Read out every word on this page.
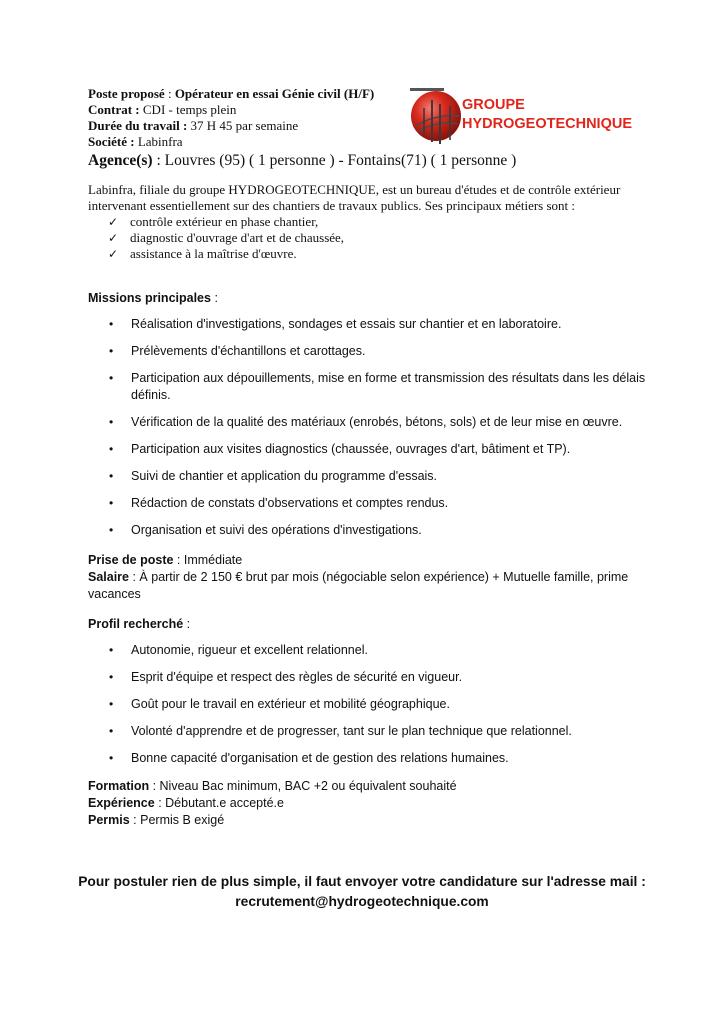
Poste proposé : Opérateur en essai Génie civil (H/F)
Contrat : CDI - temps plein
Durée du travail : 37 H 45 par semaine
Société : Labinfra
Agence(s) : Louvres (95) ( 1 personne ) - Fontains(71) ( 1 personne )
GROUPE
HYDROGEOTECHNIQUE
Labinfra, filiale du groupe HYDROGEOTECHNIQUE, est un bureau d'études et de contrôle extérieur intervenant essentiellement sur des chantiers de travaux publics. Ses principaux métiers sont :
✓ contrôle extérieur en phase chantier,
✓ diagnostic d'ouvrage d'art et de chaussée,
✓ assistance à la maîtrise d'œuvre.
Missions principales :
• Réalisation d'investigations, sondages et essais sur chantier et en laboratoire.
• Prélèvements d'échantillons et carottages.
• Participation aux dépouillements, mise en forme et transmission des résultats dans les délais définis.
• Vérification de la qualité des matériaux (enrobés, bétons, sols) et de leur mise en œuvre.
• Participation aux visites diagnostics (chaussée, ouvrages d'art, bâtiment et TP).
• Suivi de chantier et application du programme d'essais.
• Rédaction de constats d'observations et comptes rendus.
• Organisation et suivi des opérations d'investigations.
Prise de poste : Immédiate
Salaire : À partir de 2 150 € brut par mois (négociable selon expérience) + Mutuelle famille, prime vacances
Profil recherché :
• Autonomie, rigueur et excellent relationnel.
• Esprit d'équipe et respect des règles de sécurité en vigueur.
• Goût pour le travail en extérieur et mobilité géographique.
• Volonté d'apprendre et de progresser, tant sur le plan technique que relationnel.
• Bonne capacité d'organisation et de gestion des relations humaines.
Formation : Niveau Bac minimum, BAC +2 ou équivalent souhaité
Expérience : Débutant.e accepté.e
Permis : Permis B exigé
Pour postuler rien de plus simple, il faut envoyer votre candidature sur l'adresse mail :
recrutement@hydrogeotechnique.com
